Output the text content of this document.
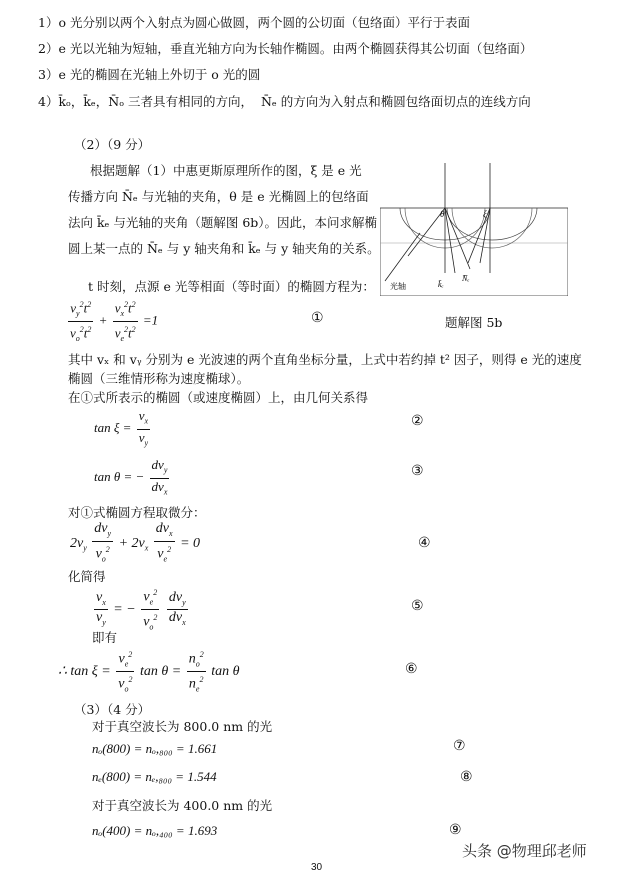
1）o 光分别以两个入射点为圆心做圆，两个圆的公切面（包络面）平行于表面
2）e 光以光轴为短轴，垂直光轴方向为长轴作椭圆。由两个椭圆获得其公切面（包络面）
3）e 光的椭圆在光轴上外切于 o 光的圆
4）k̄ₒ，k̄ₑ，N̄ₒ 三者具有相同的方向， N̄ₑ 的方向为入射点和椭圆包络面切点的连线方向
（2）（9 分）
根据题解（1）中惠更斯原理所作的图，ξ 是 e 光
传播方向 N̄ₑ 与光轴的夹角，θ 是 e 光椭圆上的包络面
法向 k̄ₑ 与光轴的夹角（题解图 6b）。因此，本问求解椭
圆上某一点的 N̄ₑ 与 y 轴夹角和 k̄ₑ 与 y 轴夹角的关系。
t 时刻，点源 e 光等相面（等时面）的椭圆方程为： 光轴
θ	ξ
k̄ₑ
N̄ₑ
题解图 5b
$\frac{v_y^2t^2}{v_o^2t^2} + \frac{v_x^2t^2}{v_e^2t^2} =1$	①
其中 vₓ 和 vᵧ 分别为 e 光波速的两个直角坐标分量，上式中若约掉 t² 因子，则得 e 光的速度
椭圆（三维情形称为速度椭球）。
在①式所表示的椭圆（或速度椭圆）上，由几何关系得
$\tan \xi = \frac{v_x}{v_y}$	②
tan θ = − $\frac{dv_y}{dv_x}$	③
对①式椭圆方程取微分：
$2v_y \frac{dv_y}{v_o^2} + 2v_x \frac{dv_x}{v_e^2} = 0$	④
化简得
$\frac{v_x}{v_y}$ = − $\frac{v_e^2}{v_o^2}$
$\frac{dv_y}{dv_x}$	⑤
即有
∴ $\tan \xi = \frac{v_e^2}{v_o^2}$ $\tan \theta = \frac{n_o^2}{n_e^2}$ tan θ	⑥
（3）（4 分）
对于真空波长为 800.0 nm 的光
nₒ(800) = nₒ,₈₀₀ = 1.661	⑦
nₑ(800) = nₑ,₈₀₀ = 1.544	⑧
对于真空波长为 400.0 nm 的光
nₒ(400) = nₒ,₄₀₀ = 1.693	⑨
30
头条 @物理邱老师
